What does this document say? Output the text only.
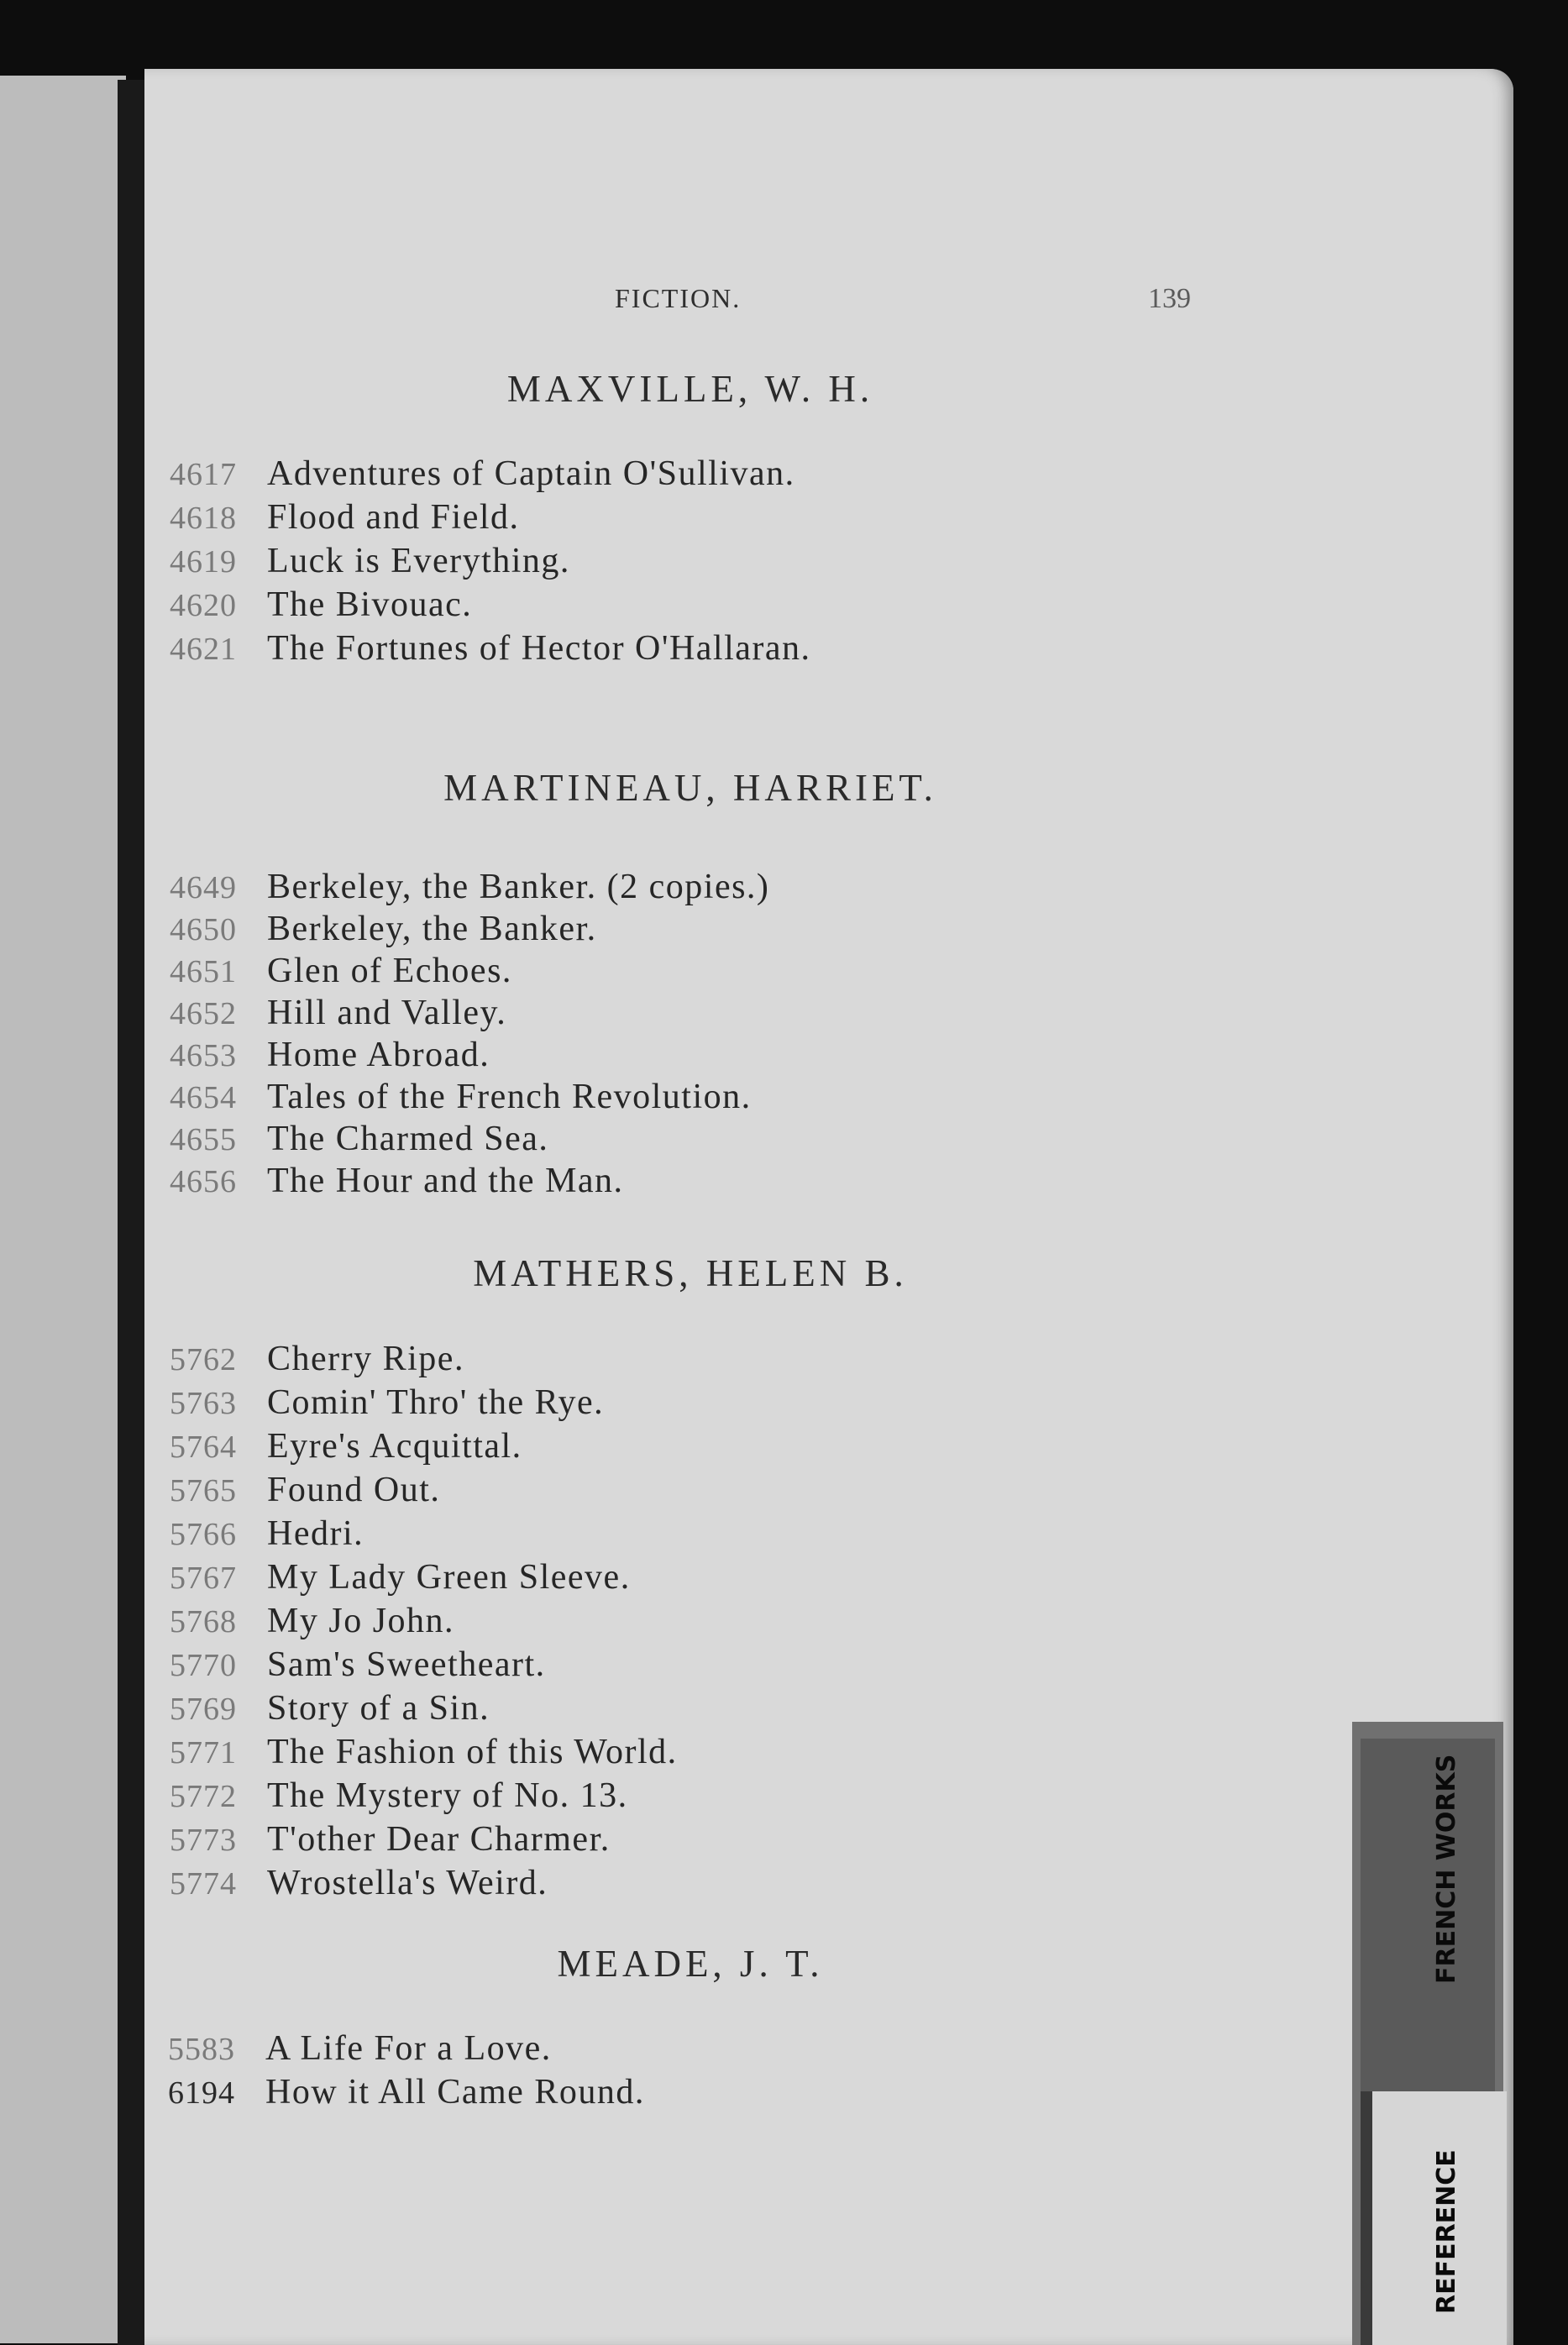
FICTION.	139
MAXVILLE, W. H.
4617 Adventures of Captain O'Sullivan.
4618 Flood and Field.
4619 Luck is Everything.
4620 The Bivouac.
4621 The Fortunes of Hector O'Hallaran.
MARTINEAU, HARRIET.
4649 Berkeley, the Banker. (2 copies.)
4650 Berkeley, the Banker.
4651 Glen of Echoes.
4652 Hill and Valley.
4653 Home Abroad.
4654 Tales of the French Revolution.
4655 The Charmed Sea.
4656 The Hour and the Man.
MATHERS, HELEN B.
5762 Cherry Ripe.
5763 Comin' Thro' the Rye.
5764 Eyre's Acquittal.
5765 Found Out.
5766 Hedri.
5767 My Lady Green Sleeve.
5768 My Jo John.
5770 Sam's Sweetheart.
5769 Story of a Sin.
5771 The Fashion of this World.
5772 The Mystery of No. 13.
5773 T'other Dear Charmer.
5774 Wrostella's Weird.
MEADE, J. T.
5583 A Life For a Love.
6194 How it All Came Round.
FRENCH WORKS
REFERENCE
